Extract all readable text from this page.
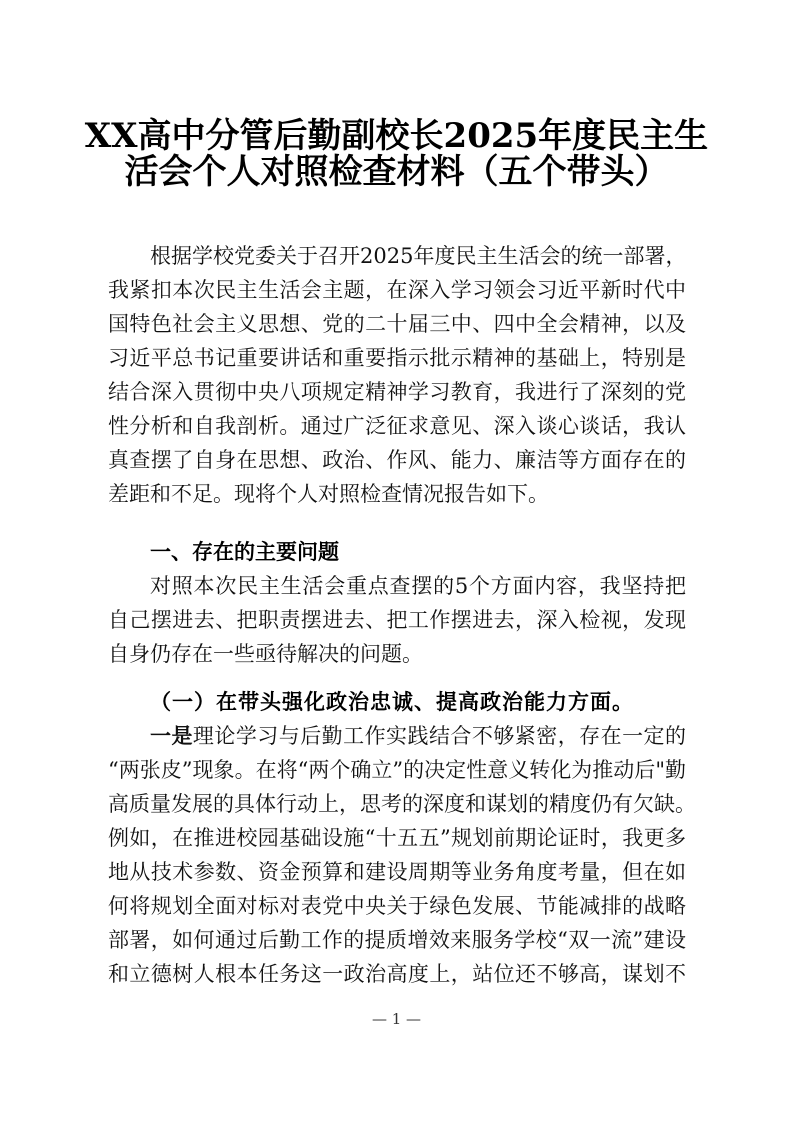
XX高中分管后勤副校长2025年度民主生
活会个人对照检查材料（五个带头）
根据学校党委关于召开2025年度民主生活会的统一部署，
我紧扣本次民主生活会主题，在深入学习领会习近平新时代中
国特色社会主义思想、党的二十届三中、四中全会精神，以及
习近平总书记重要讲话和重要指示批示精神的基础上，特别是
结合深入贯彻中央八项规定精神学习教育，我进行了深刻的党
性分析和自我剖析。通过广泛征求意见、深入谈心谈话，我认
真查摆了自身在思想、政治、作风、能力、廉洁等方面存在的
差距和不足。现将个人对照检查情况报告如下。
一、存在的主要问题
对照本次民主生活会重点查摆的5个方面内容，我坚持把
自己摆进去、把职责摆进去、把工作摆进去，深入检视，发现
自身仍存在一些亟待解决的问题。
（一）在带头强化政治忠诚、提高政治能力方面。
一是理论学习与后勤工作实践结合不够紧密，存在一定的
“两张皮”现象。在将“两个确立”的决定性意义转化为推动后"勤
高质量发展的具体行动上，思考的深度和谋划的精度仍有欠缺。
例如，在推进校园基础设施“十五五”规划前期论证时，我更多
地从技术参数、资金预算和建设周期等业务角度考量，但在如
何将规划全面对标对表党中央关于绿色发展、节能减排的战略
部署，如何通过后勤工作的提质增效来服务学校“双一流”建设
和立德树人根本任务这一政治高度上，站位还不够高，谋划不
— 1 —
